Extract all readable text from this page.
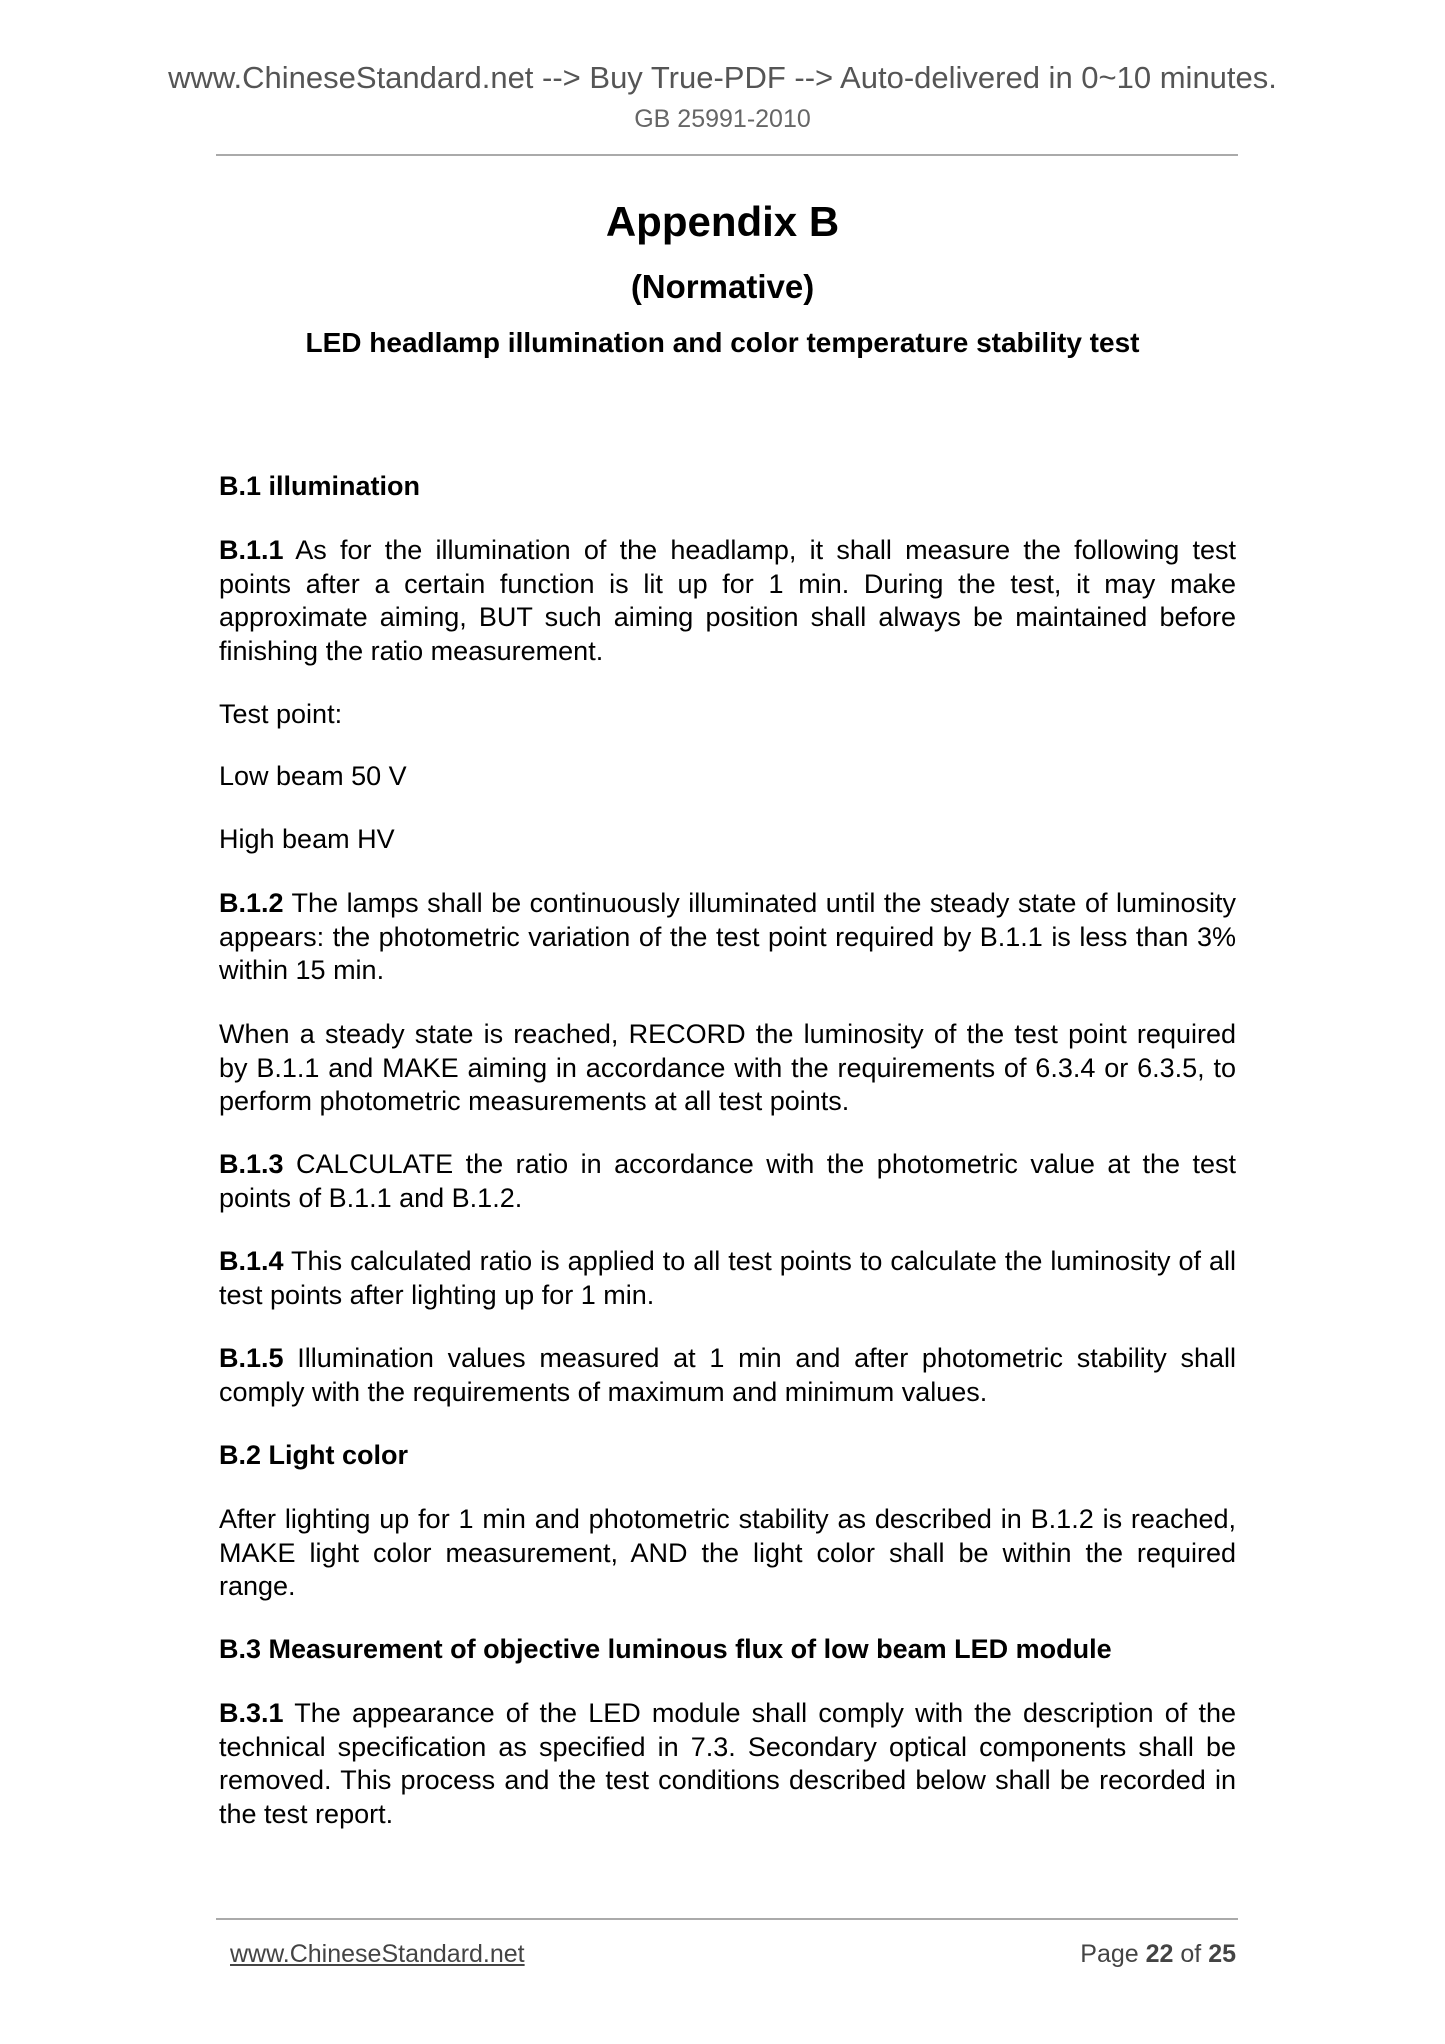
www.ChineseStandard.net --> Buy True-PDF --> Auto-delivered in 0~10 minutes.
GB 25991-2010
Appendix B
(Normative)
LED headlamp illumination and color temperature stability test
B.1 illumination
B.1.1 As for the illumination of the headlamp, it shall measure the following test points after a certain function is lit up for 1 min. During the test, it may make approximate aiming, BUT such aiming position shall always be maintained before finishing the ratio measurement.
Test point:
Low beam 50 V
High beam HV
B.1.2 The lamps shall be continuously illuminated until the steady state of luminosity appears: the photometric variation of the test point required by B.1.1 is less than 3% within 15 min.
When a steady state is reached, RECORD the luminosity of the test point required by B.1.1 and MAKE aiming in accordance with the requirements of 6.3.4 or 6.3.5, to perform photometric measurements at all test points.
B.1.3 CALCULATE the ratio in accordance with the photometric value at the test points of B.1.1 and B.1.2.
B.1.4 This calculated ratio is applied to all test points to calculate the luminosity of all test points after lighting up for 1 min.
B.1.5 Illumination values measured at 1 min and after photometric stability shall comply with the requirements of maximum and minimum values.
B.2 Light color
After lighting up for 1 min and photometric stability as described in B.1.2 is reached, MAKE light color measurement, AND the light color shall be within the required range.
B.3 Measurement of objective luminous flux of low beam LED module
B.3.1 The appearance of the LED module shall comply with the description of the technical specification as specified in 7.3. Secondary optical components shall be removed. This process and the test conditions described below shall be recorded in the test report.
www.ChineseStandard.net	Page 22 of 25
